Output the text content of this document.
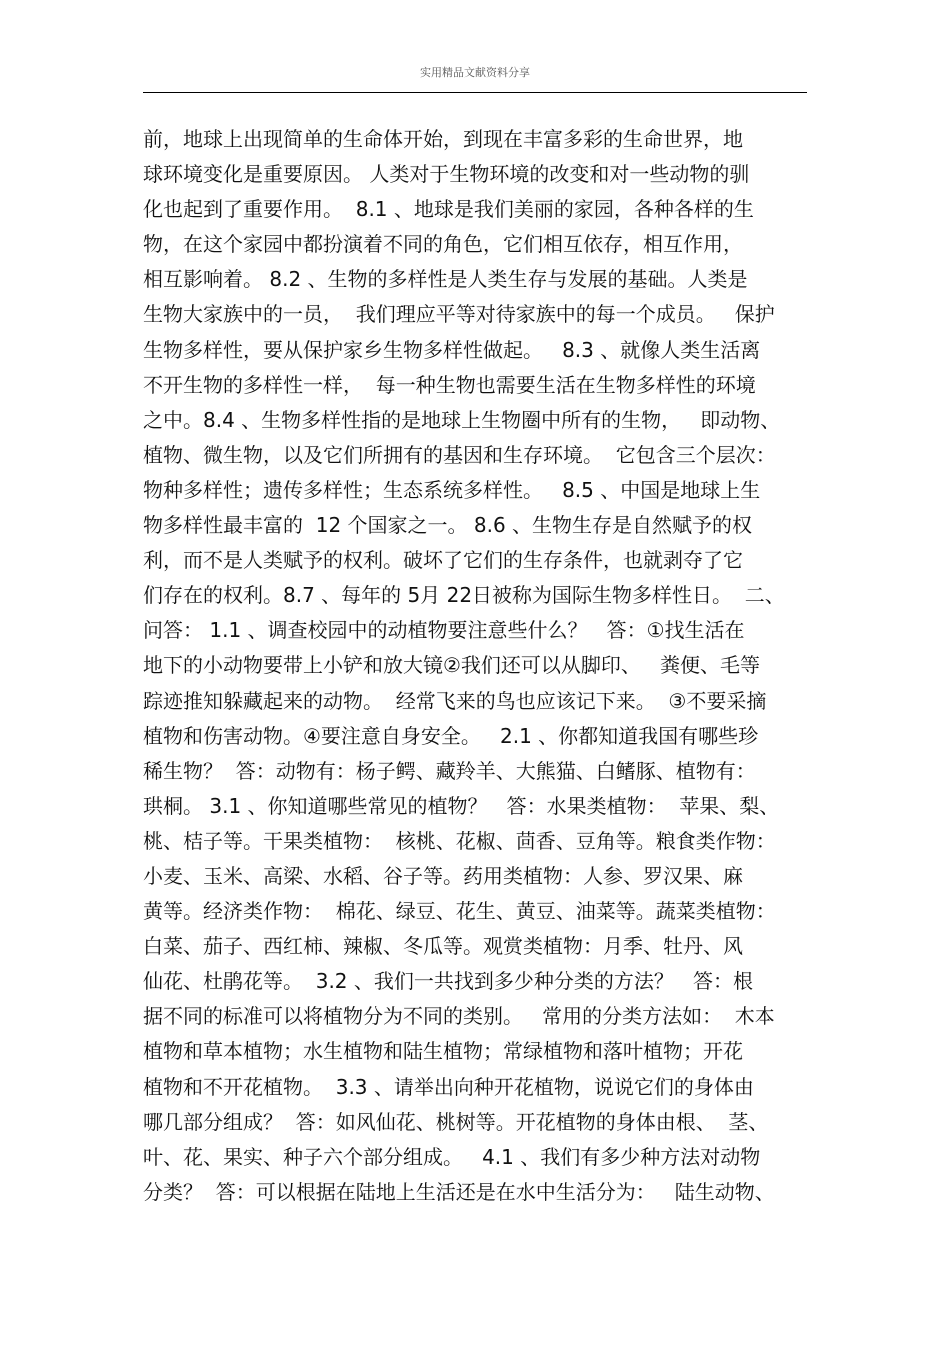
实用精品文献资料分享
前，地球上出现简单的生命体开始，到现在丰富多彩的生命世界，地
球环境变化是重要原因。 人类对于生物环境的改变和对一些动物的驯
化也起到了重要作用。  8.1 、地球是我们美丽的家园，各种各样的生
物，在这个家园中都扮演着不同的角色，它们相互依存，相互作用，
相互影响着。 8.2 、生物的多样性是人类生存与发展的基础。人类是
生物大家族中的一员，  我们理应平等对待家族中的每一个成员。   保护
生物多样性，要从保护家乡生物多样性做起。   8.3 、就像人类生活离
不开生物的多样性一样，  每一种生物也需要生活在生物多样性的环境
之中。8.4 、生物多样性指的是地球上生物圈中所有的生物，   即动物、
植物、微生物，以及它们所拥有的基因和生存环境。  它包含三个层次：
物种多样性；遗传多样性；生态系统多样性。   8.5 、中国是地球上生
物多样性最丰富的  12 个国家之一。 8.6 、生物生存是自然赋予的权
利，而不是人类赋予的权利。破坏了它们的生存条件，也就剥夺了它
们存在的权利。8.7 、每年的 5月 22日被称为国际生物多样性日。  二、
问答： 1.1 、调查校园中的动植物要注意些什么？   答：①找生活在
地下的小动物要带上小铲和放大镜②我们还可以从脚印、   粪便、毛等
踪迹推知躲藏起来的动物。  经常飞来的鸟也应该记下来。  ③不要采摘
植物和伤害动物。④要注意自身安全。   2.1 、你都知道我国有哪些珍
稀生物？  答：动物有：杨子鳄、藏羚羊、大熊猫、白鳍豚、植物有：
珙桐。 3.1 、你知道哪些常见的植物？   答：水果类植物：  苹果、梨、
桃、桔子等。干果类植物：  核桃、花椒、茴香、豆角等。粮食类作物：
小麦、玉米、高梁、水稻、谷子等。药用类植物：人参、罗汉果、麻
黄等。经济类作物：  棉花、绿豆、花生、黄豆、油菜等。蔬菜类植物：
白菜、茄子、西红柿、辣椒、冬瓜等。观赏类植物：月季、牡丹、风
仙花、杜鹃花等。  3.2 、我们一共找到多少种分类的方法？   答：根
据不同的标准可以将植物分为不同的类别。   常用的分类方法如：  木本
植物和草本植物；水生植物和陆生植物；常绿植物和落叶植物；开花
植物和不开花植物。  3.3 、请举出向种开花植物，说说它们的身体由
哪几部分组成？  答：如风仙花、桃树等。开花植物的身体由根、  茎、
叶、花、果实、种子六个部分组成。   4.1 、我们有多少种方法对动物
分类？  答：可以根据在陆地上生活还是在水中生活分为：   陆生动物、
